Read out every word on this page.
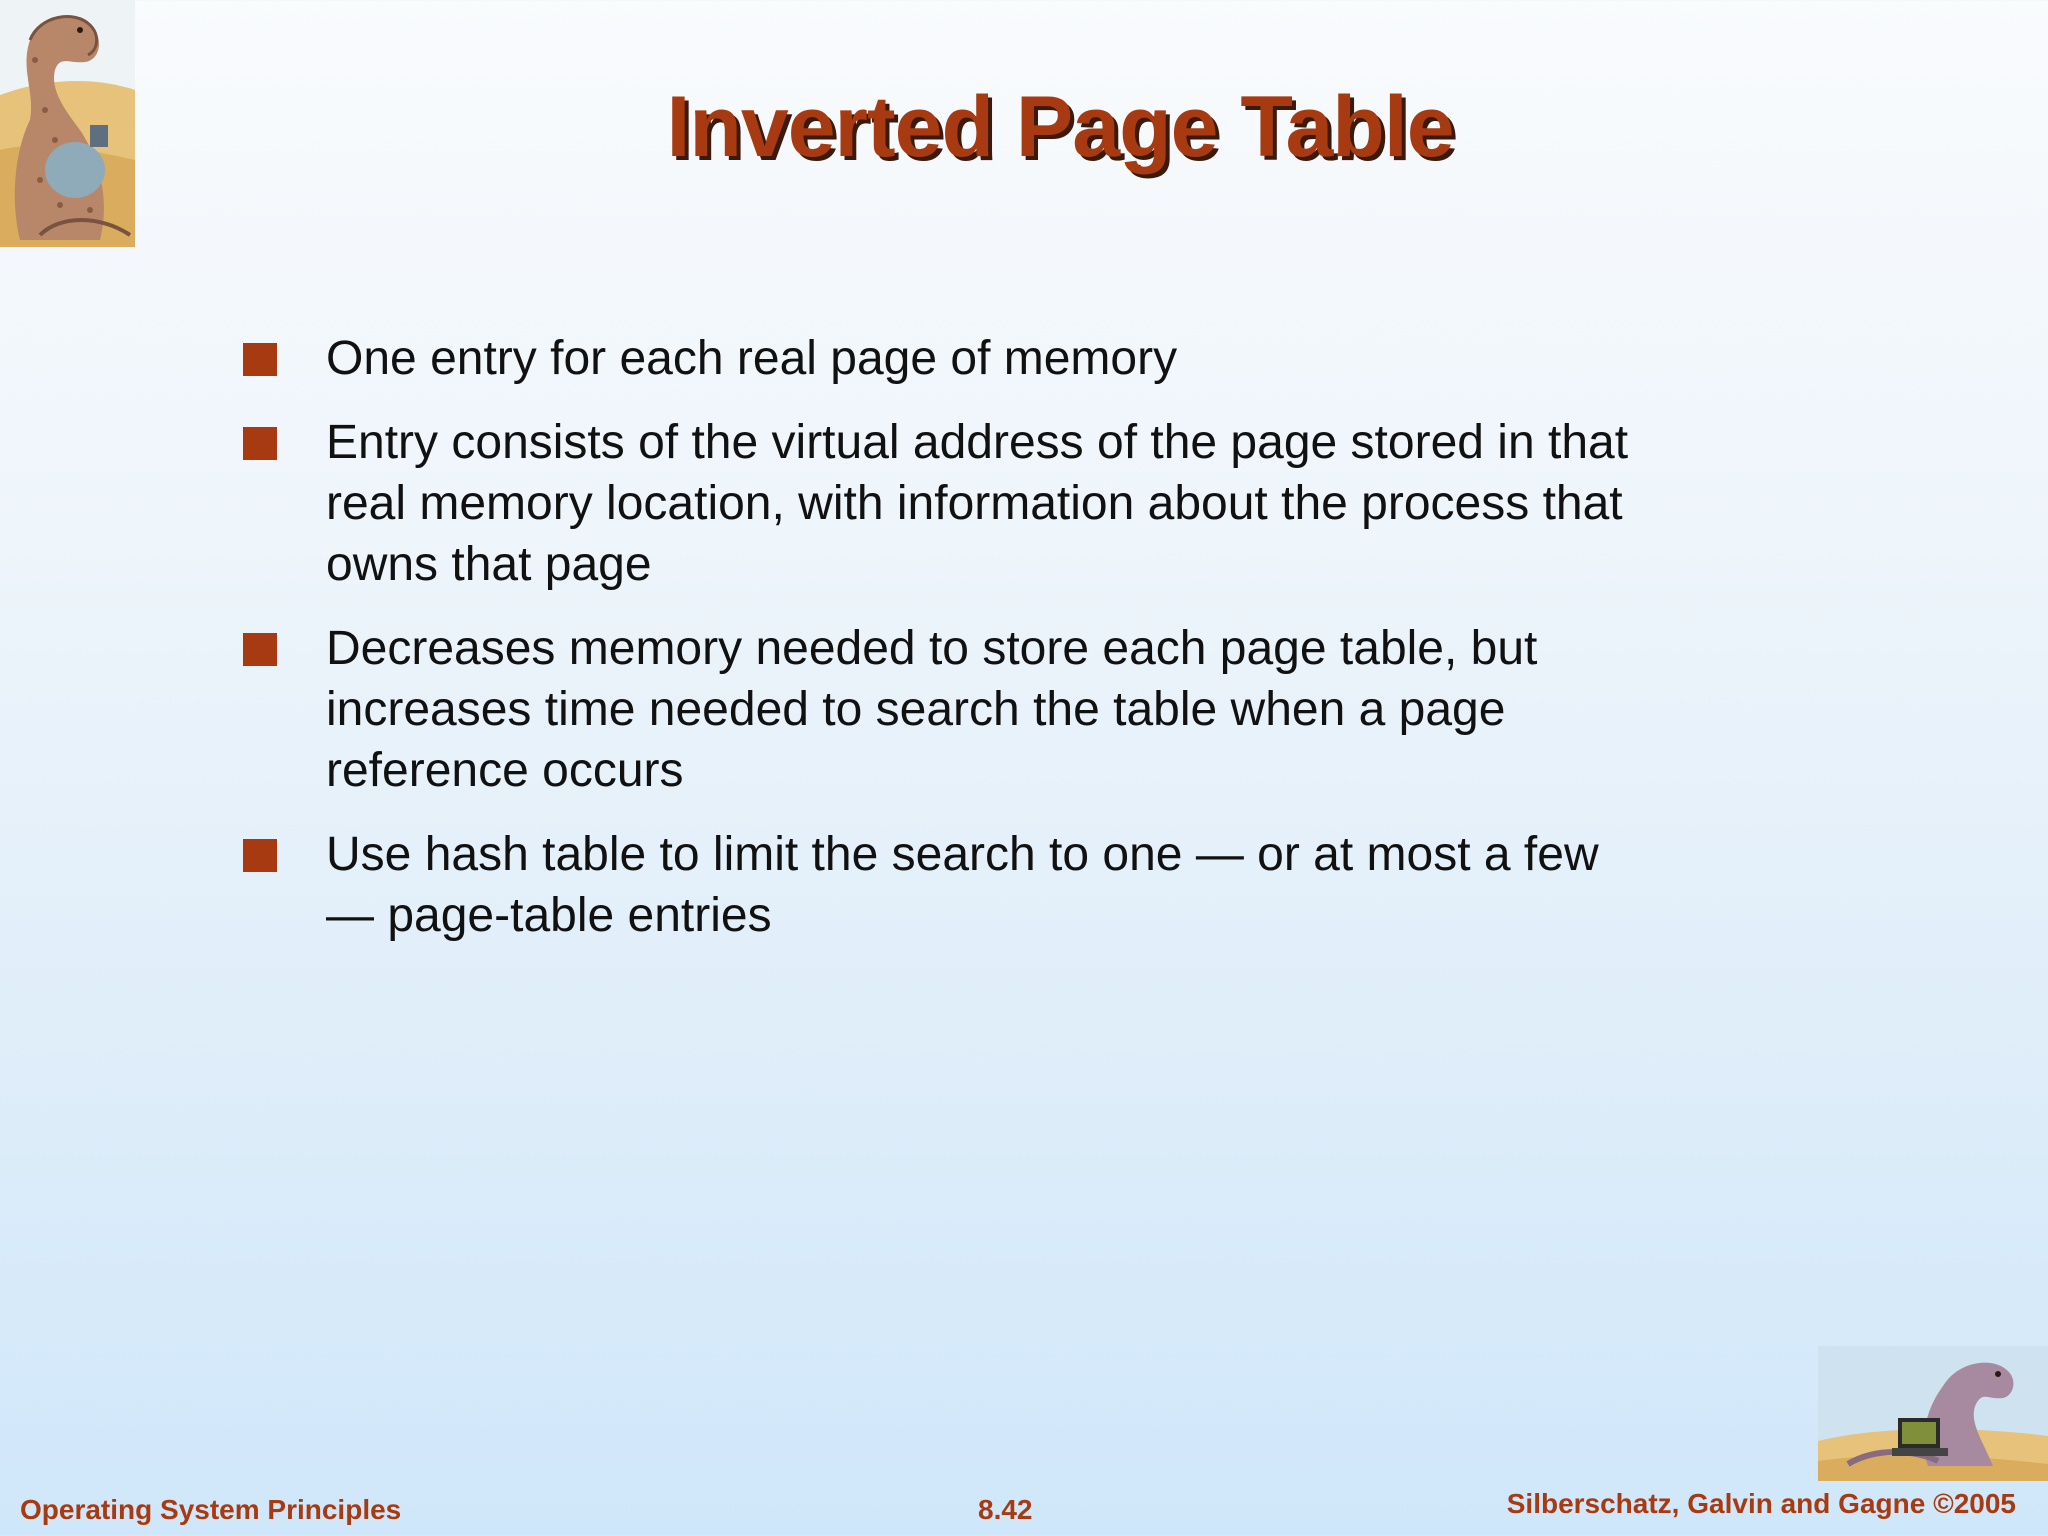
Inverted Page Table
One entry for each real page of memory
Entry consists of the virtual address of the page stored in that real memory location, with information about the process that owns that page
Decreases memory needed to store each page table, but increases time needed to search the table when a page reference occurs
Use hash table to limit the search to one — or at most a few — page-table entries
Operating System Principles	8.42	Silberschatz, Galvin and Gagne ©2005
